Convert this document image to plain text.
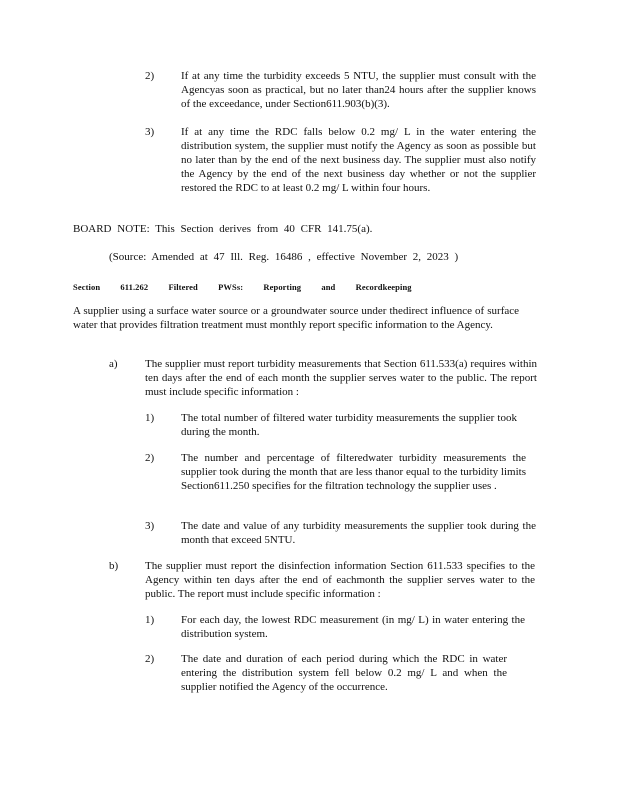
2) If at any time the turbidity exceeds 5 NTU, the supplier must consult with the Agencyas soon as practical, but no later than24 hours after the supplier knows of the exceedance, under Section611.903(b)(3).
3) If at any time the RDC falls below 0.2 mg/ L in the water entering the distribution system, the supplier must notify the Agency as soon as possible but no later than by the end of the next business day. The supplier must also notify the Agency by the end of the next business day whether or not the supplier restored the RDC to at least 0.2 mg/ L within four hours.
BOARD NOTE: This Section derives from 40 CFR 141.75(a).
(Source: Amended at 47 Ill. Reg. 16486 , effective November 2, 2023 )
Section 611.262 Filtered PWSs: Reporting and Recordkeeping
A supplier using a surface water source or a groundwater source under thedirect influence of surface water that provides filtration treatment must monthly report specific information to the Agency.
a) The supplier must report turbidity measurements that Section 611.533(a) requires within ten days after the end of each month the supplier serves water to the public. The report must include specific information :
1) The total number of filtered water turbidity measurements the supplier took during the month.
2) The number and percentage of filteredwater turbidity measurements the supplier took during the month that are less thanor equal to the turbidity limits Section611.250 specifies for the filtration technology the supplier uses .
3) The date and value of any turbidity measurements the supplier took during the month that exceed 5NTU.
b) The supplier must report the disinfection information Section 611.533 specifies to the Agency within ten days after the end of eachmonth the supplier serves water to the public. The report must include specific information :
1) For each day, the lowest RDC measurement (in mg/ L) in water entering the distribution system.
2) The date and duration of each period during which the RDC in water entering the distribution system fell below 0.2 mg/ L and when the supplier notified the Agency of the occurrence.
